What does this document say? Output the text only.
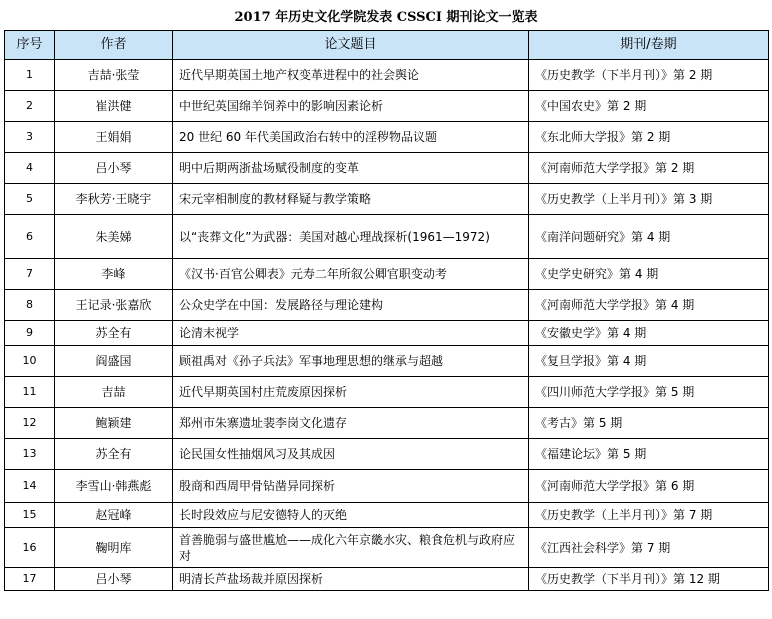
2017 年历史文化学院发表 CSSCI 期刊论文一览表
序号	作者	论文题目	期刊/卷期
1	吉喆·张莹	近代早期英国土地产权变革进程中的社会舆论	《历史教学（下半月刊）》第 2 期
2	崔洪健	中世纪英国绵羊饲养中的影响因素论析	《中国农史》第 2 期
3	王娟娟	20 世纪 60 年代美国政治右转中的淫秽物品议题	《东北师大学报》第 2 期
4	吕小琴	明中后期两浙盐场赋役制度的变革	《河南师范大学学报》第 2 期
5	李秋芳·王晓宇	宋元宰相制度的教材释疑与教学策略	《历史教学（上半月刊）》第 3 期
6	朱美娣	以“丧葬文化”为武器：美国对越心理战探析(1961—1972)	《南洋问题研究》第 4 期
7	李峰	《汉书·百官公卿表》元寿二年所叙公卿官职变动考	《史学史研究》第 4 期
8	王记录·张嘉欣	公众史学在中国：发展路径与理论建构	《河南师范大学学报》第 4 期
9	苏全有	论清末视学	《安徽史学》第 4 期
10	阎盛国	顾祖禹对《孙子兵法》军事地理思想的继承与超越	《复旦学报》第 4 期
11	吉喆	近代早期英国村庄荒废原因探析	《四川师范大学学报》第 5 期
12	鲍颖建	郑州市朱寨遗址裴李岗文化遗存	《考古》第 5 期
13	苏全有	论民国女性抽烟风习及其成因	《福建论坛》第 5 期
14	李雪山·韩燕彪	殷商和西周甲骨钻凿异同探析	《河南师范大学学报》第 6 期
15	赵冠峰	长时段效应与尼安德特人的灭绝	《历史教学（上半月刊）》第 7 期
16	鞠明库	首善脆弱与盛世尴尬——成化六年京畿水灾、粮食危机与政府应对	《江西社会科学》第 7 期
17	吕小琴	明清长芦盐场裁并原因探析	《历史教学（下半月刊）》第 12 期
